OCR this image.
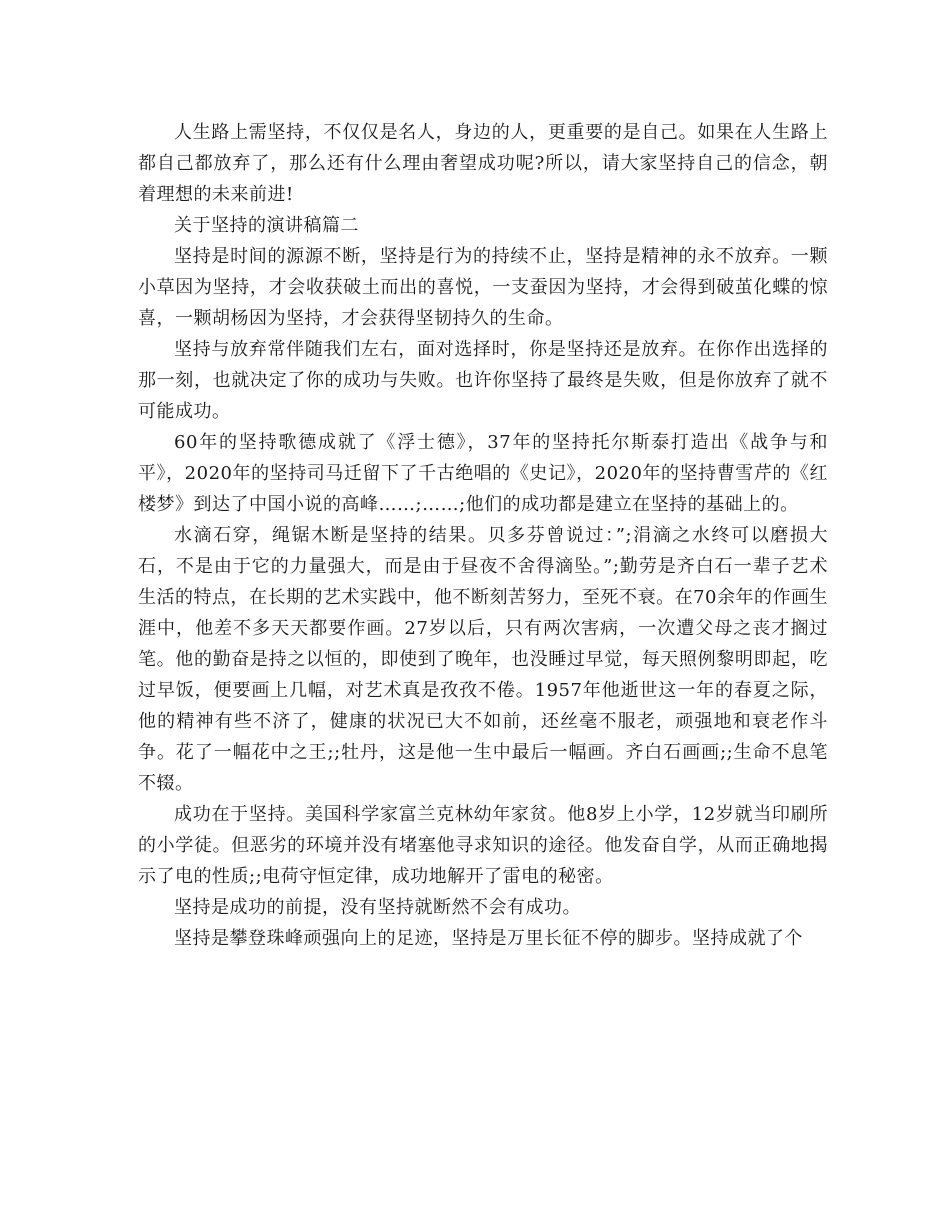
人生路上需坚持，不仅仅是名人，身边的人，更重要的是自己。如果在人生路上都自己都放弃了，那么还有什么理由奢望成功呢?所以，请大家坚持自己的信念，朝着理想的未来前进!

关于坚持的演讲稿篇二

坚持是时间的源源不断，坚持是行为的持续不止，坚持是精神的永不放弃。一颗小草因为坚持，才会收获破土而出的喜悦，一支蚕因为坚持，才会得到破茧化蝶的惊喜，一颗胡杨因为坚持，才会获得坚韧持久的生命。

坚持与放弃常伴随我们左右，面对选择时，你是坚持还是放弃。在你作出选择的那一刻，也就决定了你的成功与失败。也许你坚持了最终是失败，但是你放弃了就不可能成功。

60年的坚持歌德成就了《浮士德》，37年的坚持托尔斯泰打造出《战争与和平》，2020年的坚持司马迁留下了千古绝唱的《史记》，2020年的坚持曹雪芹的《红楼梦》到达了中国小说的高峰……;……;他们的成功都是建立在坚持的基础上的。

水滴石穿，绳锯木断是坚持的结果。贝多芬曾说过：”;涓滴之水终可以磨损大石，不是由于它的力量强大，而是由于昼夜不舍得滴坠。”;勤劳是齐白石一辈子艺术生活的特点，在长期的艺术实践中，他不断刻苦努力，至死不衰。在70余年的作画生涯中，他差不多天天都要作画。27岁以后，只有两次害病，一次遭父母之丧才搁过笔。他的勤奋是持之以恒的，即使到了晚年，也没睡过早觉，每天照例黎明即起，吃过早饭，便要画上几幅，对艺术真是孜孜不倦。1957年他逝世这一年的春夏之际，他的精神有些不济了，健康的状况已大不如前，还丝毫不服老，顽强地和衰老作斗争。花了一幅花中之王;;牡丹，这是他一生中最后一幅画。齐白石画画;;生命不息笔不辍。

成功在于坚持。美国科学家富兰克林幼年家贫。他8岁上小学，12岁就当印刷所的小学徒。但恶劣的环境并没有堵塞他寻求知识的途径。他发奋自学，从而正确地揭示了电的性质;;电荷守恒定律，成功地解开了雷电的秘密。

坚持是成功的前提，没有坚持就断然不会有成功。

坚持是攀登珠峰顽强向上的足迹，坚持是万里长征不停的脚步。坚持成就了个
